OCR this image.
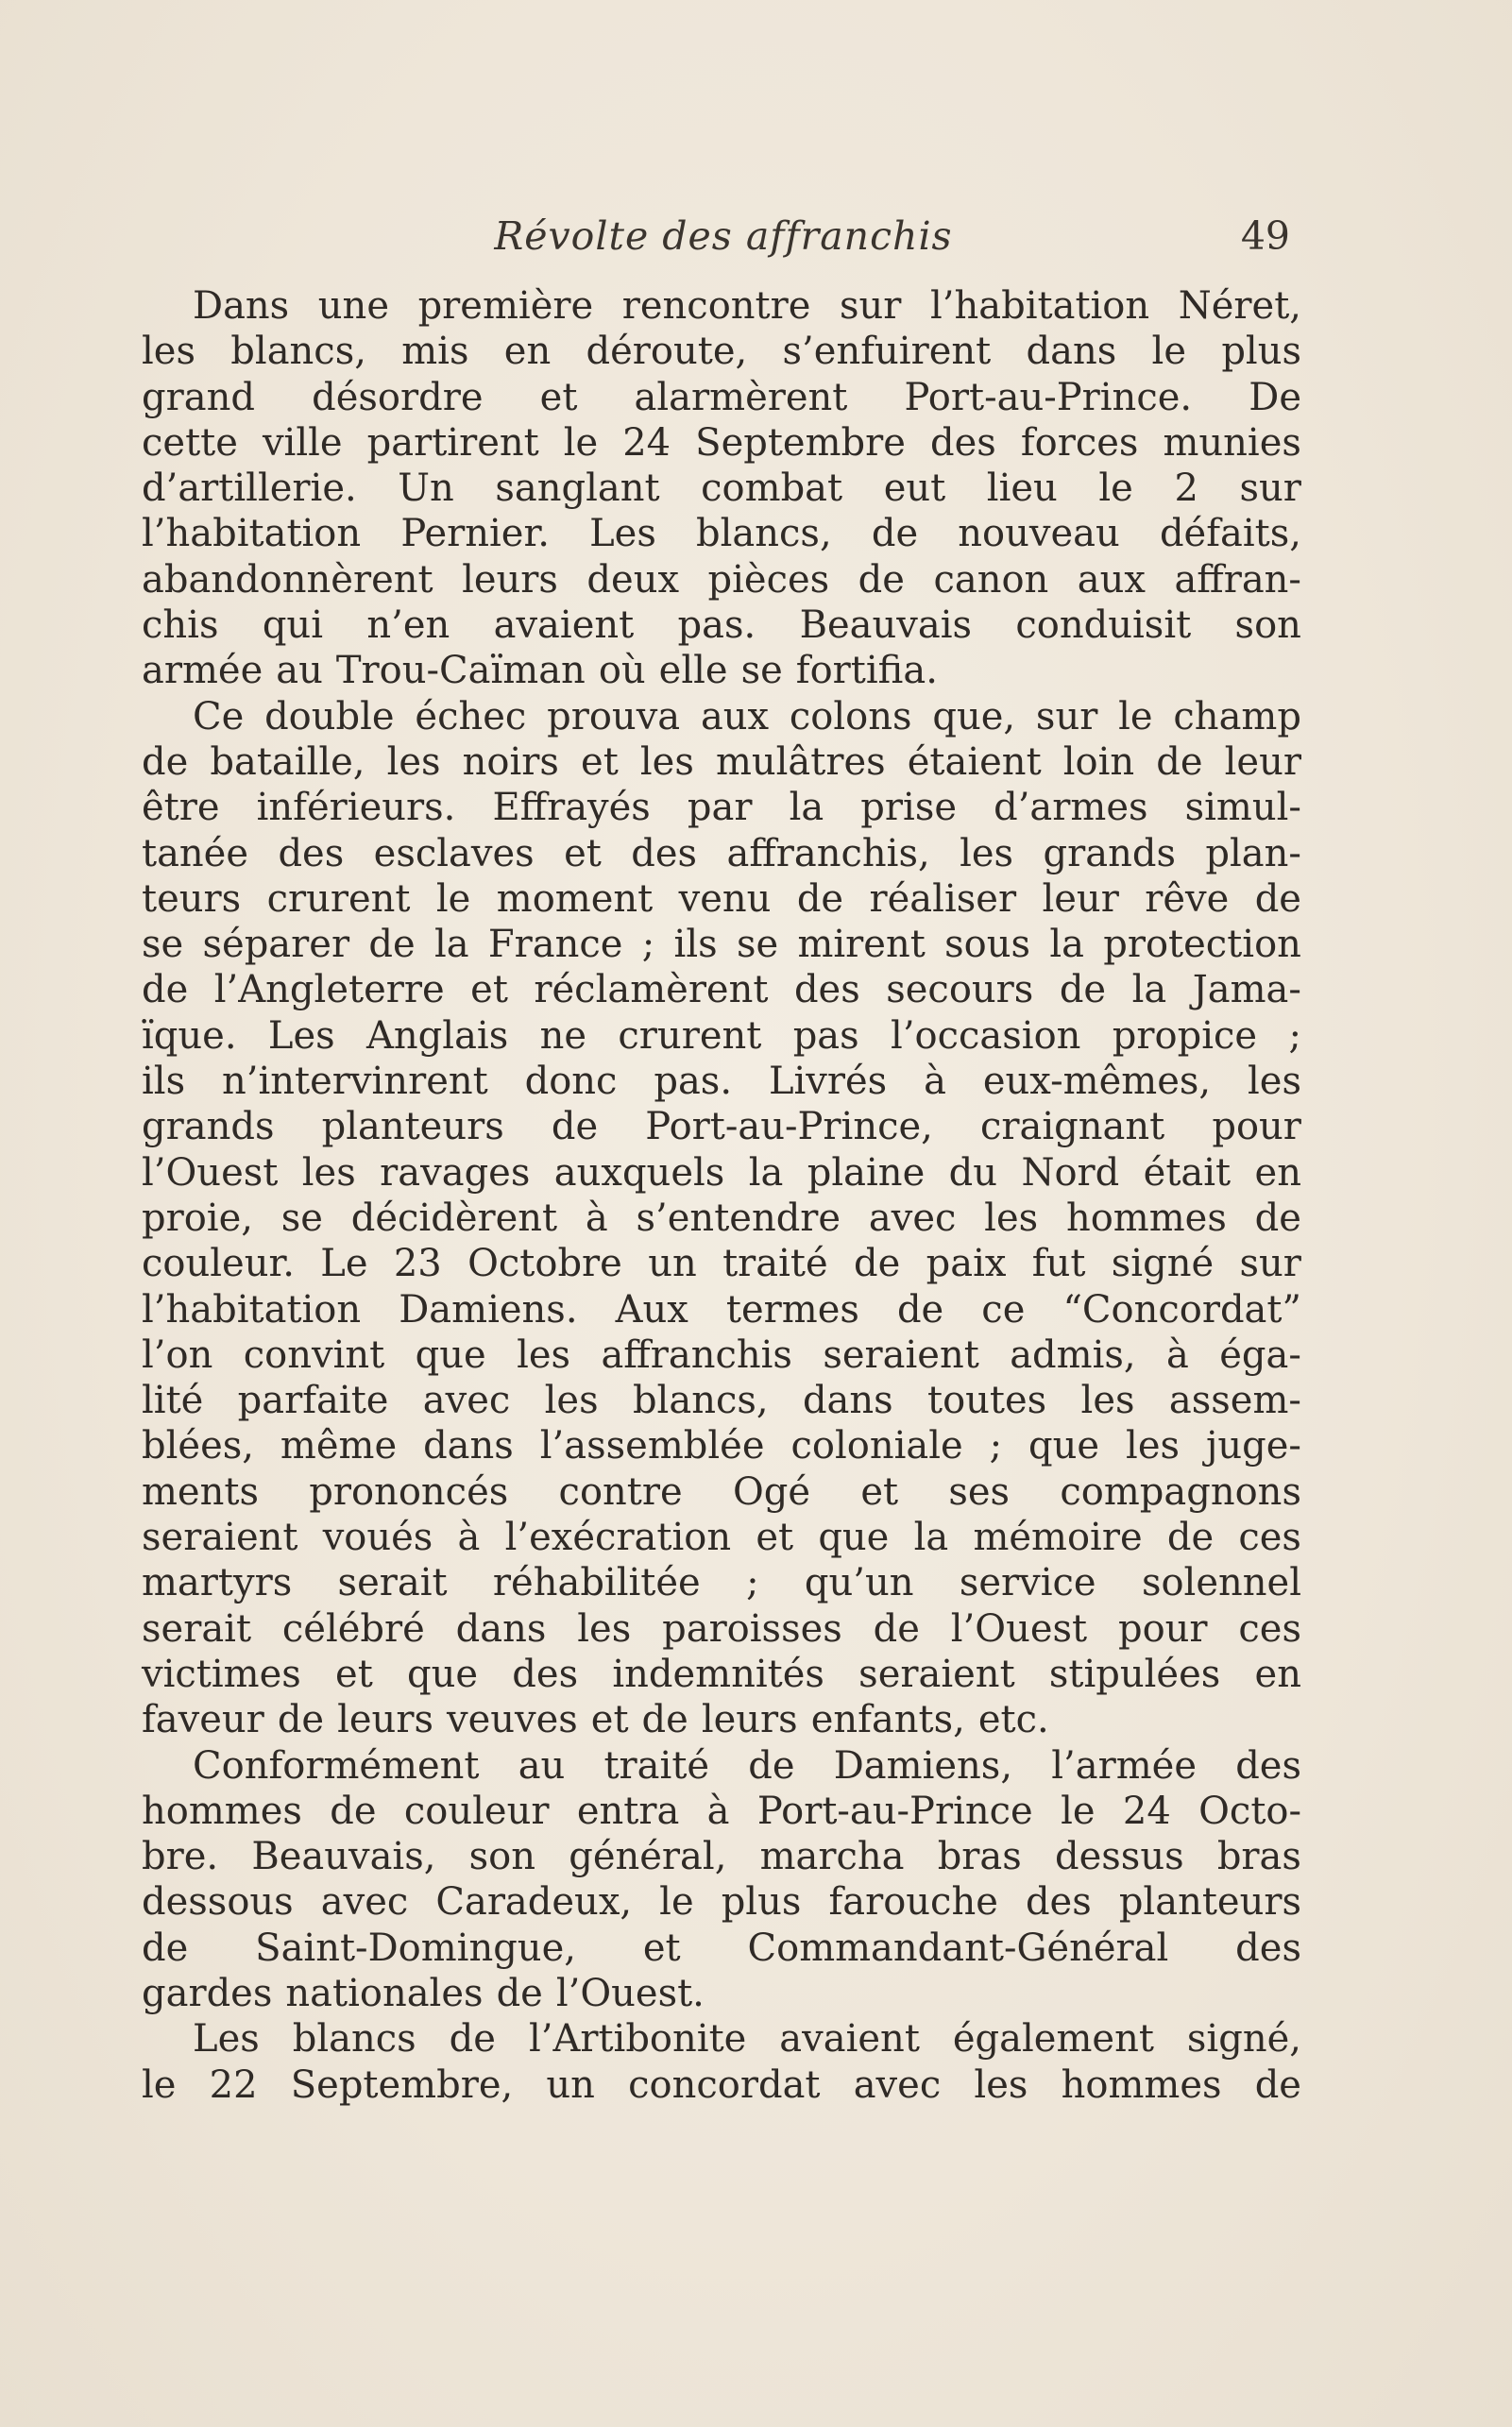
Révolte des affranchis	49
Dans une première rencontre sur l’habitation Néret,
les blancs, mis en déroute, s’enfuirent dans le plus
grand désordre et alarmèrent Port-au-Prince. De
cette ville partirent le 24 Septembre des forces munies
d’artillerie. Un sanglant combat eut lieu le 2 sur
l’habitation Pernier. Les blancs, de nouveau défaits,
abandonnèrent leurs deux pièces de canon aux affran-
chis qui n’en avaient pas. Beauvais conduisit son
armée au Trou-Caïman où elle se fortifia.
Ce double échec prouva aux colons que, sur le champ
de bataille, les noirs et les mulâtres étaient loin de leur
être inférieurs. Effrayés par la prise d’armes simul-
tanée des esclaves et des affranchis, les grands plan-
teurs crurent le moment venu de réaliser leur rêve de
se séparer de la France ; ils se mirent sous la protection
de l’Angleterre et réclamèrent des secours de la Jama-
ïque. Les Anglais ne crurent pas l’occasion propice ;
ils n’intervinrent donc pas. Livrés à eux-mêmes, les
grands planteurs de Port-au-Prince, craignant pour
l’Ouest les ravages auxquels la plaine du Nord était en
proie, se décidèrent à s’entendre avec les hommes de
couleur. Le 23 Octobre un traité de paix fut signé sur
l’habitation Damiens. Aux termes de ce “Concordat”
l’on convint que les affranchis seraient admis, à éga-
lité parfaite avec les blancs, dans toutes les assem-
blées, même dans l’assemblée coloniale ; que les juge-
ments prononcés contre Ogé et ses compagnons
seraient voués à l’exécration et que la mémoire de ces
martyrs serait réhabilitée ; qu’un service solennel
serait célébré dans les paroisses de l’Ouest pour ces
victimes et que des indemnités seraient stipulées en
faveur de leurs veuves et de leurs enfants, etc.
Conformément au traité de Damiens, l’armée des
hommes de couleur entra à Port-au-Prince le 24 Octo-
bre. Beauvais, son général, marcha bras dessus bras
dessous avec Caradeux, le plus farouche des planteurs
de Saint-Domingue, et Commandant-Général des
gardes nationales de l’Ouest.
Les blancs de l’Artibonite avaient également signé,
le 22 Septembre, un concordat avec les hommes de
